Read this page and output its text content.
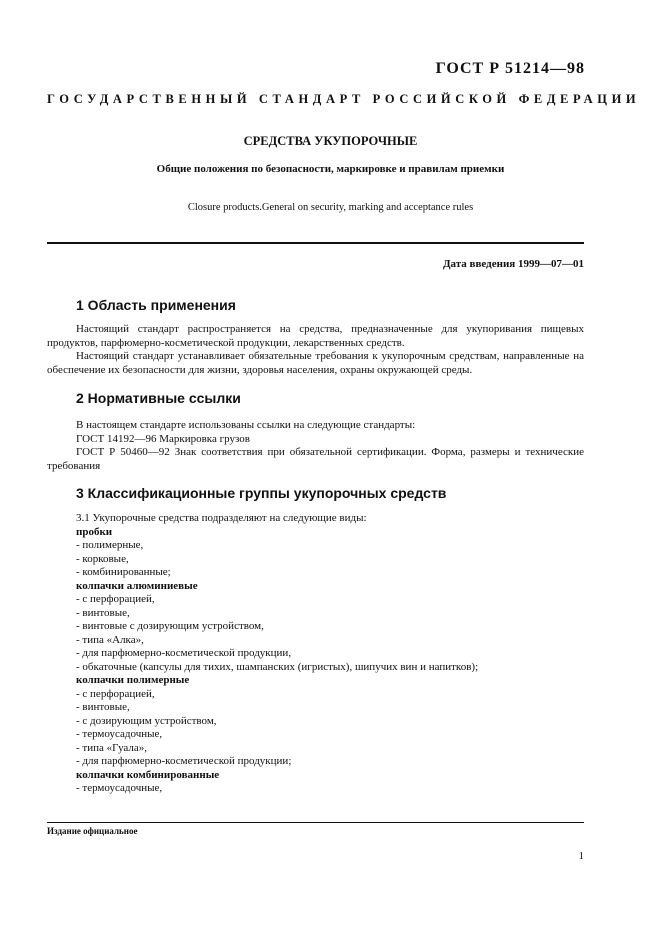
ГОСТ Р 51214—98
ГОСУДАРСТВЕННЫЙ СТАНДАРТ РОССИЙСКОЙ ФЕДЕРАЦИИ
СРЕДСТВА УКУПОРОЧНЫЕ
Общие положения по безопасности, маркировке и правилам приемки
Closure products.General on security, marking and acceptance rules
Дата введения 1999—07—01
1 Область применения
Настоящий стандарт распространяется на средства, предназначенные для укупоривания пищевых продуктов, парфюмерно-косметической продукции, лекарственных средств.
Настоящий стандарт устанавливает обязательные требования к укупорочным средствам, направленные на обеспечение их безопасности для жизни, здоровья населения, охраны окружающей среды.
2 Нормативные ссылки
В настоящем стандарте использованы ссылки на следующие стандарты:
ГОСТ 14192—96 Маркировка грузов
ГОСТ Р 50460—92 Знак соответствия при обязательной сертификации. Форма, размеры и технические требования
3 Классификационные группы укупорочных средств
3.1 Укупорочные средства подразделяют на следующие виды:
пробки
- полимерные,
- корковые,
- комбинированные;
колпачки алюминиевые
- с перфорацией,
- винтовые,
- винтовые с дозирующим устройством,
- типа «Алка»,
- для парфюмерно-косметической продукции,
- обкаточные (капсулы для тихих, шампанских (игристых), шипучих вин и напитков);
колпачки полимерные
- с перфорацией,
- винтовые,
- с дозирующим устройством,
- термоусадочные,
- типа «Гуала»,
- для парфюмерно-косметической продукции;
колпачки комбинированные
- термоусадочные,
Издание официальное
1
